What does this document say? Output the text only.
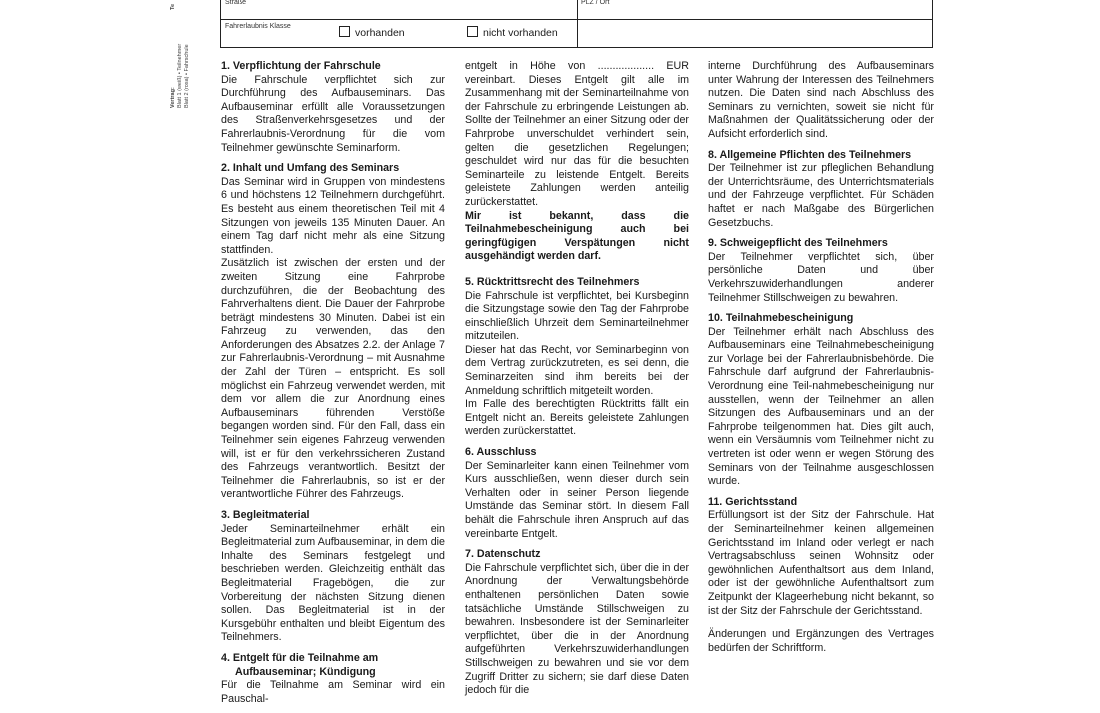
Te
Vertrag: Blatt 1 (weiß) • Teilnehmer Blatt 2 (rosa) • Fahrschule
Straße	PLZ / Ort
Fahrerlaubnis Klasse
vorhanden	nicht vorhanden

1. Verpflichtung der Fahrschule

Die Fahrschule verpflichtet sich zur Durchführung des Aufbauseminars. Das Aufbauseminar erfüllt alle Voraussetzungen des Straßenverkehrsgesetzes und der Fahrerlaubnis-Verordnung für die vom Teilnehmer gewünschte Seminarform.

2. Inhalt und Umfang des Seminars

Das Seminar wird in Gruppen von mindestens 6 und höchstens 12 Teilnehmern durchgeführt. Es besteht aus einem theoretischen Teil mit 4 Sitzungen von jeweils 135 Minuten Dauer. An einem Tag darf nicht mehr als eine Sitzung stattfinden.

Zusätzlich ist zwischen der ersten und der zweiten Sitzung eine Fahrprobe durchzuführen, die der Beobachtung des Fahrverhaltens dient. Die Dauer der Fahrprobe beträgt mindestens 30 Minuten. Dabei ist ein Fahrzeug zu verwenden, das den Anforderungen des Absatzes 2.2. der Anlage 7 zur Fahrerlaubnis-Verordnung – mit Ausnahme der Zahl der Türen – entspricht. Es soll möglichst ein Fahrzeug verwendet werden, mit dem vor allem die zur Anordnung eines Aufbauseminars führenden Verstöße begangen worden sind. Für den Fall, dass ein Teilnehmer sein eigenes Fahrzeug verwenden will, ist er für den verkehrssicheren Zustand des Fahrzeugs verantwortlich. Besitzt der Teilnehmer die Fahrerlaubnis, so ist er der verantwortliche Führer des Fahrzeugs.

3. Begleitmaterial

Jeder Seminarteilnehmer erhält ein Begleitmaterial zum Aufbauseminar, in dem die Inhalte des Seminars festgelegt und beschrieben werden. Gleichzeitig enthält das Begleitmaterial Fragebögen, die zur Vorbereitung der nächsten Sitzung dienen sollen. Das Begleitmaterial ist in der Kursgebühr enthalten und bleibt Eigentum des Teilnehmers.

4. Entgelt für die Teilnahme am

Aufbauseminar; Kündigung

Für die Teilnahme am Seminar wird ein Pauschal-

entgelt in Höhe von ................... EUR vereinbart. Dieses Entgelt gilt alle im Zusammenhang mit der Seminarteilnahme von der Fahrschule zu erbringende Leistungen ab. Sollte der Teilnehmer an einer Sitzung oder der Fahrprobe unverschuldet verhindert sein, gelten die gesetzlichen Regelungen; geschuldet wird nur das für die besuchten Seminarteile zu leistende Entgelt. Bereits geleistete Zahlungen werden anteilig zurückerstattet.

Mir ist bekannt, dass die Teilnahmebescheinigung auch bei geringfügigen Verspätungen nicht ausgehändigt werden darf.

5. Rücktrittsrecht des Teilnehmers

Die Fahrschule ist verpflichtet, bei Kursbeginn die Sitzungstage sowie den Tag der Fahrprobe einschließlich Uhrzeit dem Seminarteilnehmer mitzuteilen.

Dieser hat das Recht, vor Seminarbeginn von dem Vertrag zurückzutreten, es sei denn, die Seminarzeiten sind ihm bereits bei der Anmeldung schriftlich mitgeteilt worden.

Im Falle des berechtigten Rücktritts fällt ein Entgelt nicht an. Bereits geleistete Zahlungen werden zurückerstattet.

6. Ausschluss

Der Seminarleiter kann einen Teilnehmer vom Kurs ausschließen, wenn dieser durch sein Verhalten oder in seiner Person liegende Umstände das Seminar stört. In diesem Fall behält die Fahrschule ihren Anspruch auf das vereinbarte Entgelt.

7. Datenschutz

Die Fahrschule verpflichtet sich, über die in der Anordnung der Verwaltungsbehörde enthaltenen persönlichen Daten sowie tatsächliche Umstände Stillschweigen zu bewahren. Insbesondere ist der Seminarleiter verpflichtet, über die in der Anordnung aufgeführten Verkehrszuwiderhandlungen Stillschweigen zu bewahren und sie vor dem Zugriff Dritter zu sichern; sie darf diese Daten jedoch für die

interne Durchführung des Aufbauseminars unter Wahrung der Interessen des Teilnehmers nutzen. Die Daten sind nach Abschluss des Seminars zu vernichten, soweit sie nicht für Maßnahmen der Qualitätssicherung oder der Aufsicht erforderlich sind.

8. Allgemeine Pflichten des Teilnehmers

Der Teilnehmer ist zur pfleglichen Behandlung der Unterrichtsräume, des Unterrichtsmaterials und der Fahrzeuge verpflichtet. Für Schäden haftet er nach Maßgabe des Bürgerlichen Gesetzbuchs.

9. Schweigepflicht des Teilnehmers

Der Teilnehmer verpflichtet sich, über persönliche Daten und über Verkehrszuwiderhandlungen anderer Teilnehmer Stillschweigen zu bewahren.

10. Teilnahmebescheinigung

Der Teilnehmer erhält nach Abschluss des Aufbauseminars eine Teilnahmebescheinigung zur Vorlage bei der Fahrerlaubnisbehörde. Die Fahrschule darf aufgrund der Fahrerlaubnis-Verordnung eine Teil-nahmebescheinigung nur ausstellen, wenn der Teilnehmer an allen Sitzungen des Aufbauseminars und an der Fahrprobe teilgenommen hat. Dies gilt auch, wenn ein Versäumnis vom Teilnehmer nicht zu vertreten ist oder wenn er wegen Störung des Seminars von der Teilnahme ausgeschlossen wurde.

11. Gerichtsstand

Erfüllungsort ist der Sitz der Fahrschule. Hat der Seminarteilnehmer keinen allgemeinen Gerichtsstand im Inland oder verlegt er nach Vertragsabschluss seinen Wohnsitz oder gewöhnlichen Aufenthaltsort aus dem Inland, oder ist der gewöhnliche Aufenthaltsort zum Zeitpunkt der Klageerhebung nicht bekannt, so ist der Sitz der Fahrschule der Gerichtsstand.

Änderungen und Ergänzungen des Vertrages bedürfen der Schriftform.
